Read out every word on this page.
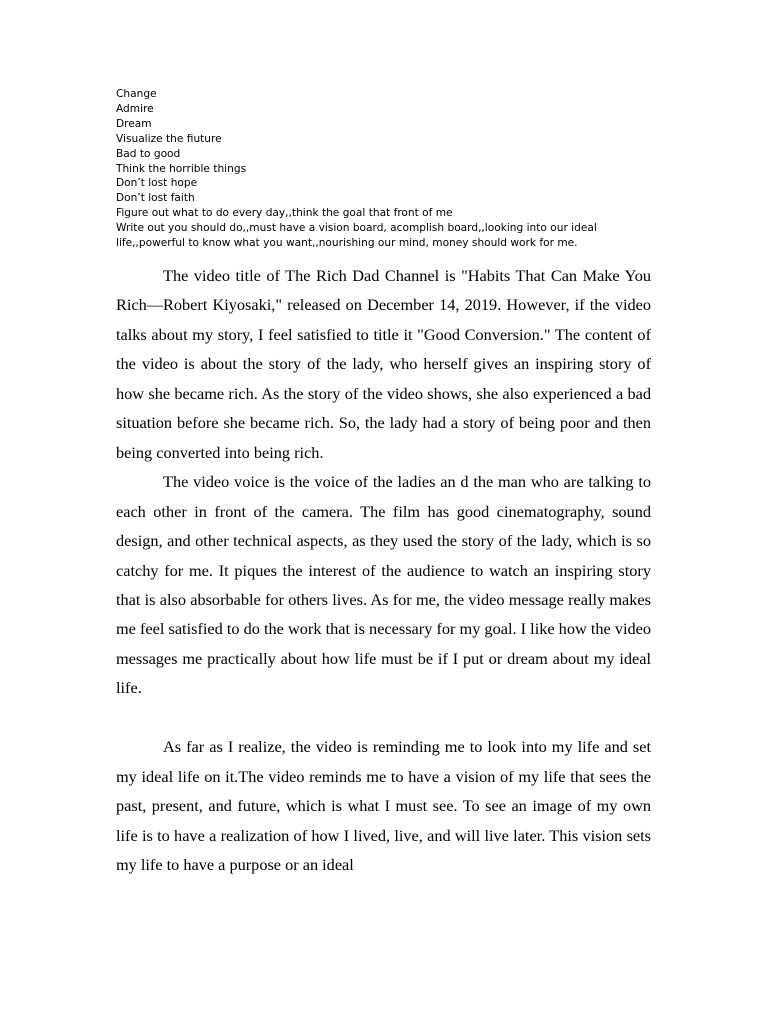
Change
Admire
Dream
Visualize the fiuture
Bad to good
Think the horrible things
Don’t lost hope
Don’t lost faith
Figure out what to do every day,,think the goal that front of me
Write out you should do,,must have a vision board, acomplish board,,looking into our ideal
life,,powerful to know what you want,,nourishing our mind, money should work for me.

The video title of The Rich Dad Channel is "Habits That Can Make You Rich—Robert Kiyosaki," released on December 14, 2019. However, if the video talks about my story, I feel satisfied to title it "Good Conversion." The content of the video is about the story of the lady, who herself gives an inspiring story of how she became rich. As the story of the video shows, she also experienced a bad situation before she became rich. So, the lady had a story of being poor and then being converted into being rich.

The video voice is the voice of the ladies an d the man who are talking to each other in front of the camera. The film has good cinematography, sound design, and other technical aspects, as they used the story of the lady, which is so catchy for me. It piques the interest of the audience to watch an inspiring story that is also absorbable for others lives. As for me, the video message really makes me feel satisfied to do the work that is necessary for my goal. I like how the video messages me practically about how life must be if I put or dream about my ideal life.

As far as I realize, the video is reminding me to look into my life and set my ideal life on it.The video reminds me to have a vision of my life that sees the past, present, and future, which is what I must see. To see an image of my own life is to have a realization of how I lived, live, and will live later. This vision sets my life to have a purpose or an ideal
